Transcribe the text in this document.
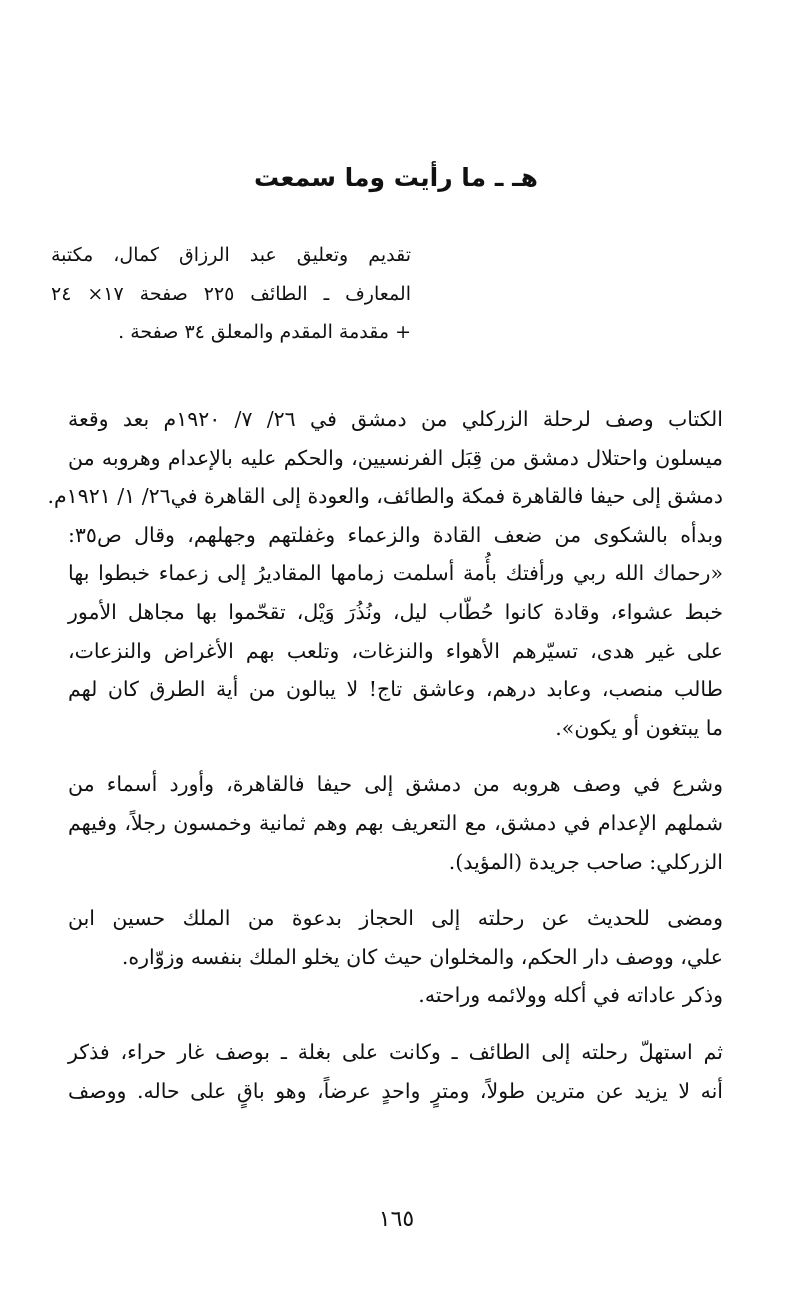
هـ ـ ما رأيت وما سمعت
تقديم وتعليق عبد الرزاق كمال، مكتبة
المعارف ـ الطائف ٢٢٥ صفحة ١٧× ٢٤
+ مقدمة المقدم والمعلق ٣٤ صفحة .
الكتاب وصف لرحلة الزركلي من دمشق في ٢٦/ ٧/ ١٩٢٠م بعد وقعة
ميسلون واحتلال دمشق من قِبَل الفرنسيين، والحكم عليه بالإعدام وهروبه من
دمشق إلى حيفا فالقاهرة فمكة والطائف، والعودة إلى القاهرة في٢٦/ ١/ ١٩٢١م.
وبدأه بالشكوى من ضعف القادة والزعماء وغفلتهم وجهلهم، وقال ص٣٥:
«رحماك الله ربي ورأفتك بأُمة أسلمت زمامها المقاديرُ إلى زعماء خبطوا بها
خبط عشواء، وقادة كانوا حُطّاب ليل، ونُذُرَ وَيْل، تقحّموا بها مجاهل الأمور
على غير هدى، تسيّرهم الأهواء والنزغات، وتلعب بهم الأغراض والنزعات،
طالب منصب، وعابد درهم، وعاشق تاج! لا يبالون من أية الطرق كان لهم
ما يبتغون أو يكون».
وشرع في وصف هروبه من دمشق إلى حيفا فالقاهرة، وأورد أسماء من
شملهم الإعدام في دمشق، مع التعريف بهم وهم ثمانية وخمسون رجلاً، وفيهم
الزركلي: صاحب جريدة (المؤيد).
ومضى للحديث عن رحلته إلى الحجاز بدعوة من الملك حسين ابن
علي، ووصف دار الحكم، والمخلوان حيث كان يخلو الملك بنفسه وزوّاره.
وذكر عاداته في أكله وولائمه وراحته.
ثم استهلّ رحلته إلى الطائف ـ وكانت على بغلة ـ بوصف غار حراء، فذكر
أنه لا يزيد عن مترين طولاً، ومترٍ واحدٍ عرضاً، وهو باقٍ على حاله. ووصف
١٦٥
